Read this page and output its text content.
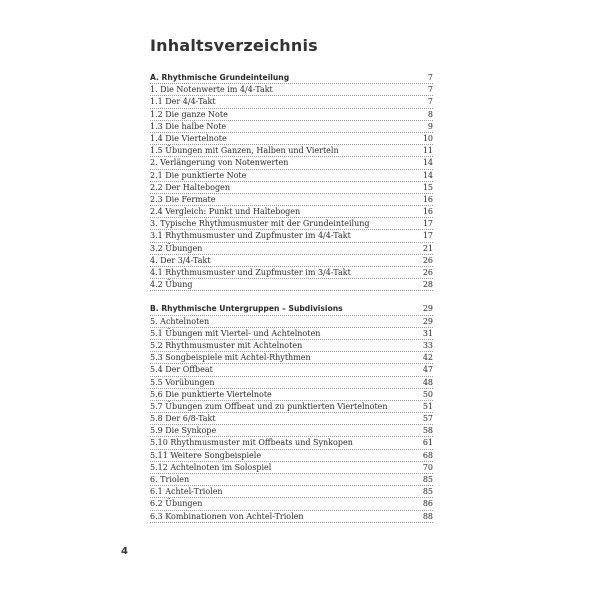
Inhaltsverzeichnis
A. Rhythmische Grundeinteilung	7
1. Die Notenwerte im 4/4-Takt	7
1.1 Der 4/4-Takt	7
1.2 Die ganze Note	8
1.3 Die halbe Note	9
1.4 Die Viertelnote	10
1.5 Übungen mit Ganzen, Halben und Vierteln	11
2. Verlängerung von Notenwerten	14
2.1 Die punktierte Note	14
2.2 Der Haltebogen	15
2.3 Die Fermate	16
2.4 Vergleich: Punkt und Haltebogen	16
3. Typische Rhythmusmuster mit der Grundeinteilung	17
3.1 Rhythmusmuster und Zupfmuster im 4/4-Takt	17
3.2 Übungen	21
4. Der 3/4-Takt	26
4.1 Rhythmusmuster und Zupfmuster im 3/4-Takt	26
4.2 Übung	28
B. Rhythmische Untergruppen – Subdivisions	29
5. Achtelnoten	29
5.1 Übungen mit Viertel- und Achtelnoten	31
5.2 Rhythmusmuster mit Achtelnoten	33
5.3 Songbeispiele mit Achtel-Rhythmen	42
5.4 Der Offbeat	47
5.5 Vorübungen	48
5.6 Die punktierte Viertelnote	50
5.7 Übungen zum Offbeat und zu punktierten Viertelnoten	51
5.8 Der 6/8-Takt	57
5.9 Die Synkope	58
5.10 Rhythmusmuster mit Offbeats und Synkopen	61
5.11 Weitere Songbeispiele	68
5.12 Achtelnoten im Solospiel	70
6. Triolen	85
6.1 Achtel-Triolen	85
6.2 Übungen	86
6.3 Kombinationen von Achtel-Triolen	88
4
